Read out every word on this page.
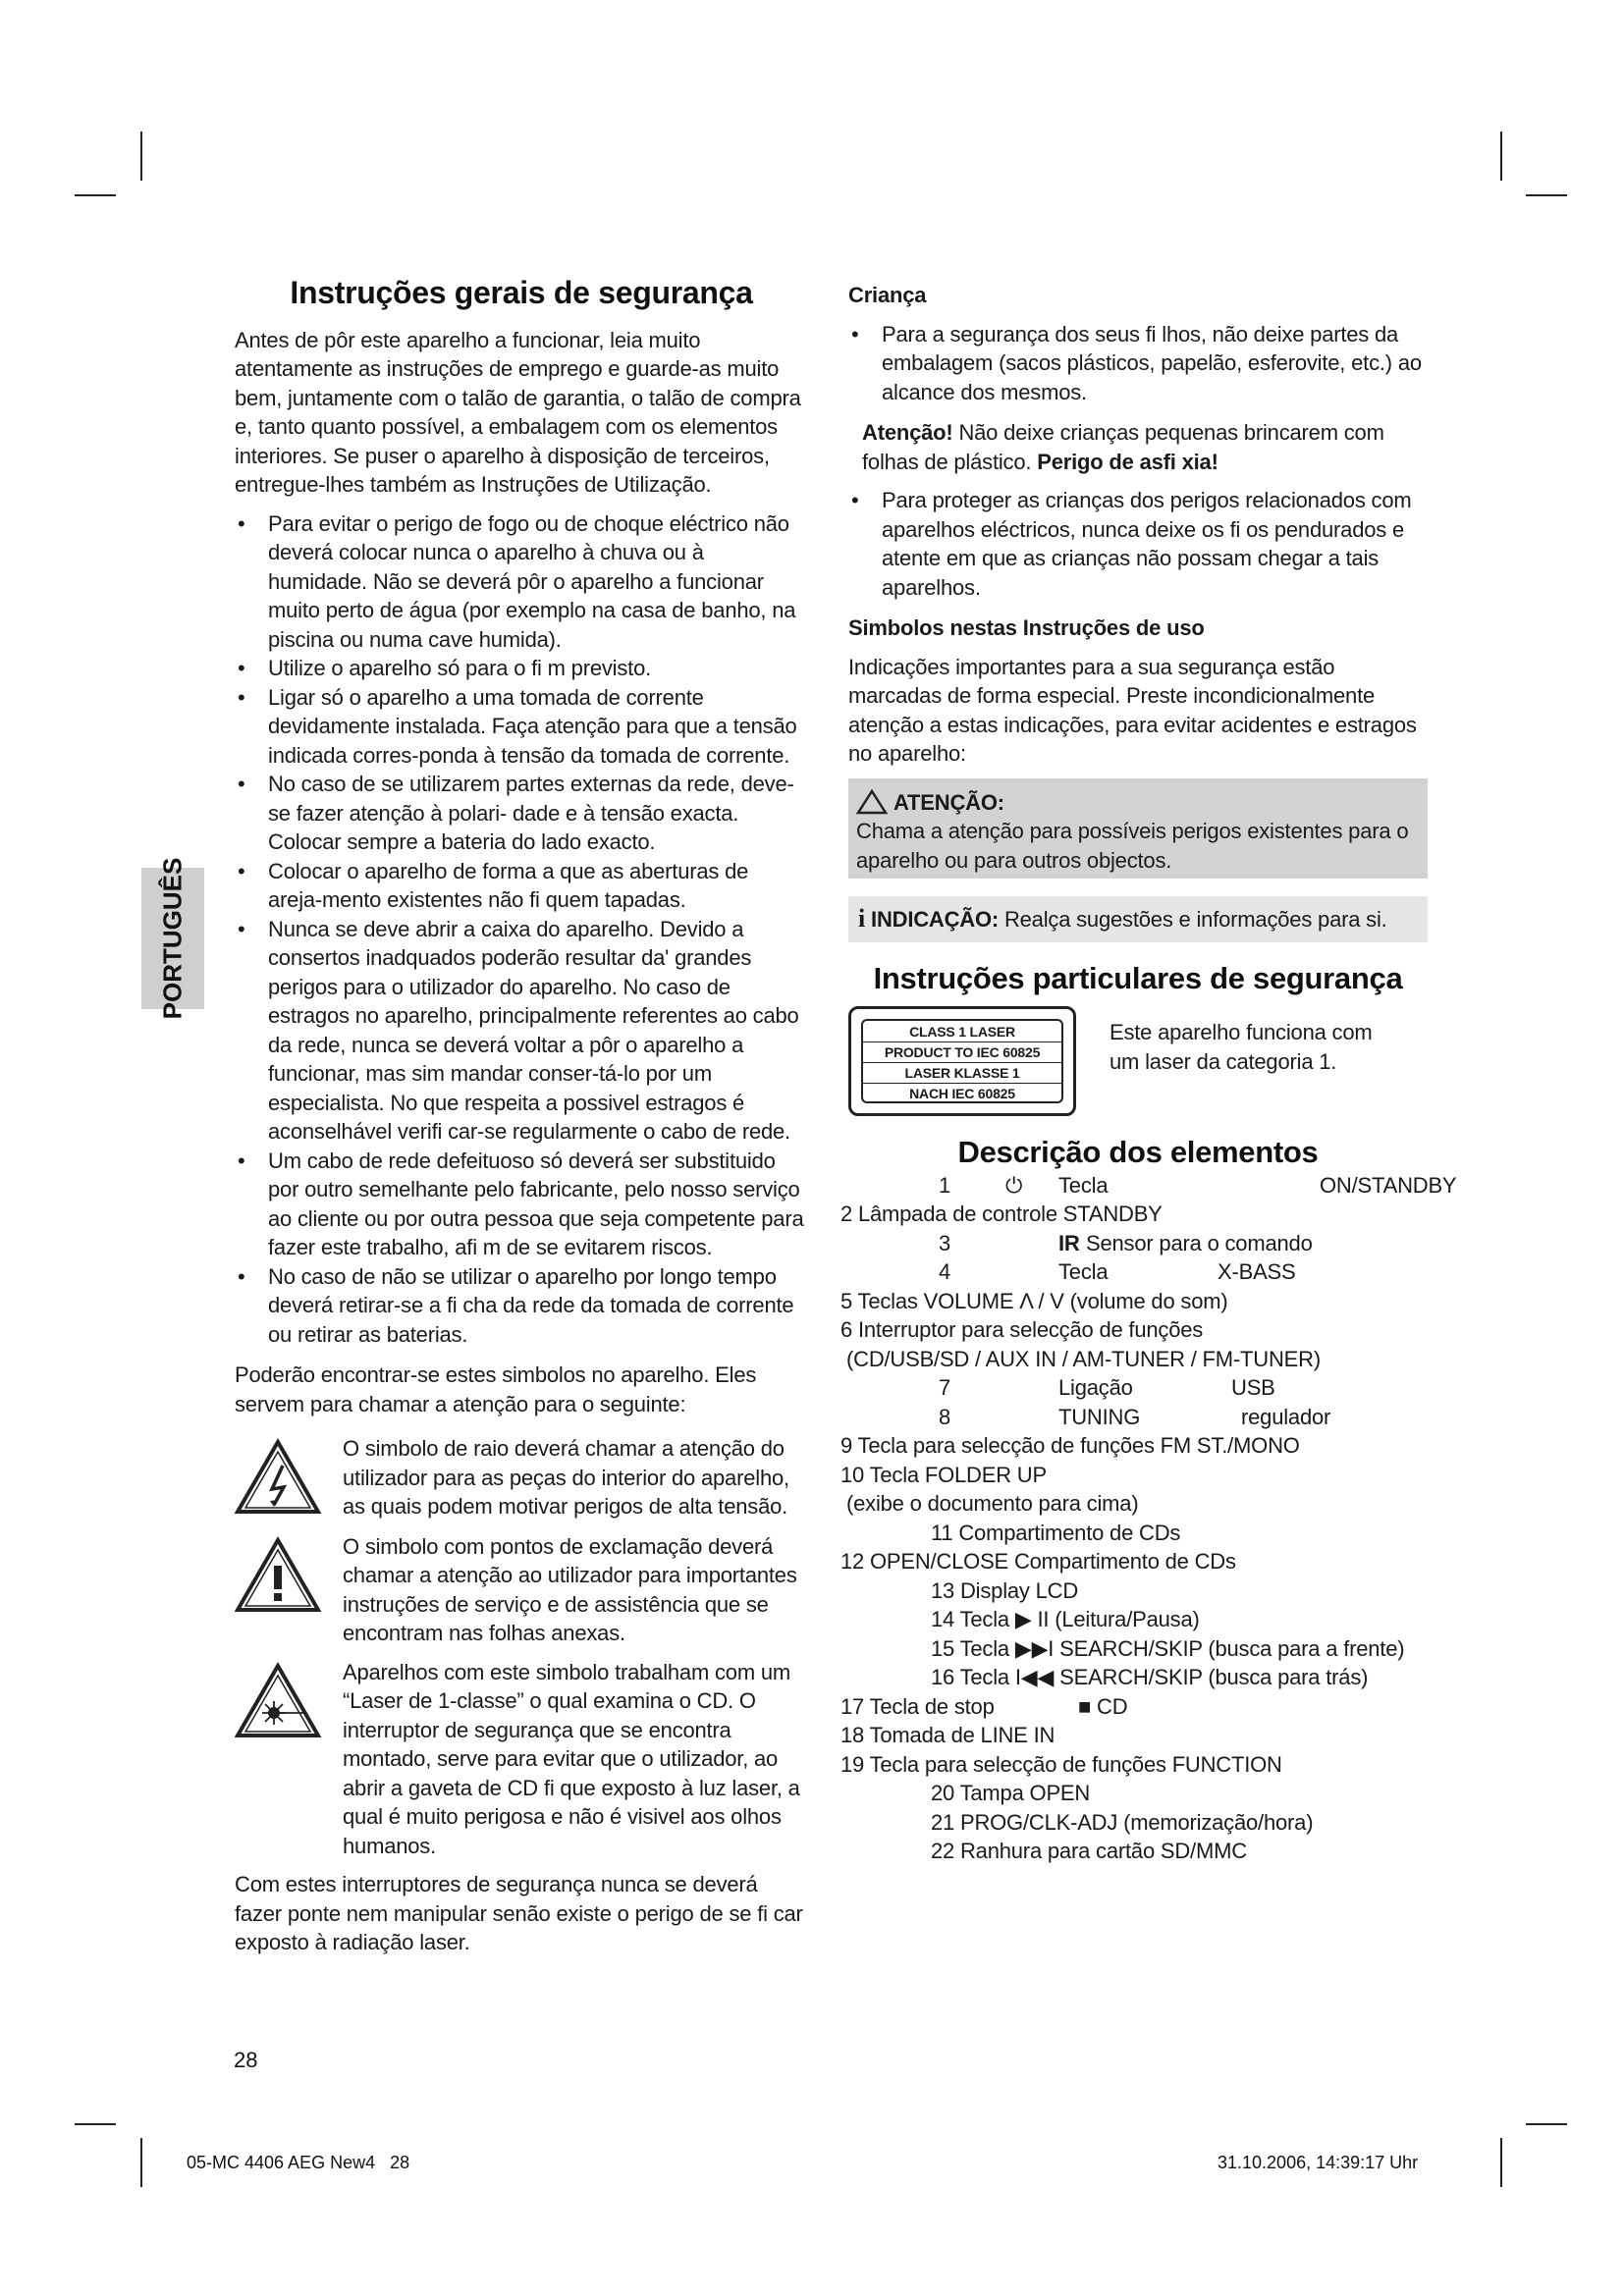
PORTUGUÊS
Instruções gerais de segurança

Antes de pôr este aparelho a funcionar, leia muito atentamente as instruções de emprego e guarde-as muito bem, juntamente com o talão de garantia, o talão de compra e, tanto quanto possível, a embalagem com os elementos interiores. Se puser o aparelho à disposição de terceiros, entregue-lhes também as Instruções de Utilização.

• Para evitar o perigo de fogo ou de choque eléctrico não deverá colocar nunca o aparelho à chuva ou à humidade. Não se deverá pôr o aparelho a funcionar muito perto de água (por exemplo na casa de banho, na piscina ou numa cave humida).
• Utilize o aparelho só para o fi m previsto.
• Ligar só o aparelho a uma tomada de corrente devidamente instalada. Faça atenção para que a tensão indicada corres-ponda à tensão da tomada de corrente.
• No caso de se utilizarem partes externas da rede, deve-se fazer atenção à polari- dade e à tensão exacta. Colocar sempre a bateria do lado exacto.
• Colocar o aparelho de forma a que as aberturas de areja-mento existentes não fi quem tapadas.
• Nunca se deve abrir a caixa do aparelho. Devido a consertos inadquados poderão resultar da' grandes perigos para o utilizador do aparelho. No caso de estragos no aparelho, principalmente referentes ao cabo da rede, nunca se deverá voltar a pôr o aparelho a funcionar, mas sim mandar conser-tá-lo por um especialista. No que respeita a possivel estragos é aconselhável verifi car-se regularmente o cabo de rede.
• Um cabo de rede defeituoso só deverá ser substituido por outro semelhante pelo fabricante, pelo nosso serviço ao cliente ou por outra pessoa que seja competente para fazer este trabalho, afi m de se evitarem riscos.
• No caso de não se utilizar o aparelho por longo tempo deverá retirar-se a fi cha da rede da tomada de corrente ou retirar as baterias.

Poderão encontrar-se estes simbolos no aparelho. Eles servem para chamar a atenção para o seguinte:

O simbolo de raio deverá chamar a atenção do utilizador para as peças do interior do aparelho, as quais podem motivar perigos de alta tensão.
O simbolo com pontos de exclamação deverá chamar a atenção ao utilizador para importantes instruções de serviço e de assistência que se encontram nas folhas anexas.
Aparelhos com este simbolo trabalham com um “Laser de 1-classe” o qual examina o CD. O interruptor de segurança que se encontra montado, serve para evitar que o utilizador, ao abrir a gaveta de CD fi que exposto à luz laser, a qual é muito perigosa e não é visivel aos olhos humanos.

Com estes interruptores de segurança nunca se deverá fazer ponte nem manipular senão existe o perigo de se fi car exposto à radiação laser.

Criança
• Para a segurança dos seus fi lhos, não deixe partes da embalagem (sacos plásticos, papelão, esferovite, etc.) ao alcance dos mesmos.

Atenção! Não deixe crianças pequenas brincarem com folhas de plástico. Perigo de asfi xia!

• Para proteger as crianças dos perigos relacionados com aparelhos eléctricos, nunca deixe os fi os pendurados e atente em que as crianças não possam chegar a tais aparelhos.
Simbolos nestas Instruções de uso

Indicações importantes para a sua segurança estão marcadas de forma especial. Preste incondicionalmente atenção a estas indicações, para evitar acidentes e estragos no aparelho:

ATENÇÃO:
Chama a atenção para possíveis perigos existentes para o aparelho ou para outros objectos.
i INDICAÇÃO: Realça sugestões e informações para si.
Instruções particulares de segurança
CLASS 1 LASER
PRODUCT TO IEC 60825
LASER KLASSE 1
NACH IEC 60825

Este aparelho funciona com um laser da categoria 1.

Descrição dos elementos
1	⏻ Tecla	ON/STANDBY
2 Lâmpada de controle STANDBY
3	IR Sensor para o comando
4	Tecla	X-BASS
5 Teclas VOLUME Λ / V (volume do som)
6 Interruptor para selecção de funções
(CD/USB/SD / AUX IN / AM-TUNER / FM-TUNER)
7	Ligação	USB
8	TUNING	regulador
9 Tecla para selecção de funções FM ST./MONO
10 Tecla FOLDER UP
(exibe o documento para cima)
11 Compartimento de CDs
12 OPEN/CLOSE Compartimento de CDs
13 Display LCD
14 Tecla ▶ II (Leitura/Pausa)
15 Tecla ▶▶I SEARCH/SKIP (busca para a frente)
16 Tecla I◀◀ SEARCH/SKIP (busca para trás)
17 Tecla de stop	■ CD
18 Tomada de LINE IN
19 Tecla para selecção de funções FUNCTION
20 Tampa OPEN
21 PROG/CLK-ADJ (memorização/hora)
22 Ranhura para cartão SD/MMC
28
05-MC 4406 AEG New4   28	31.10.2006, 14:39:17 Uhr
